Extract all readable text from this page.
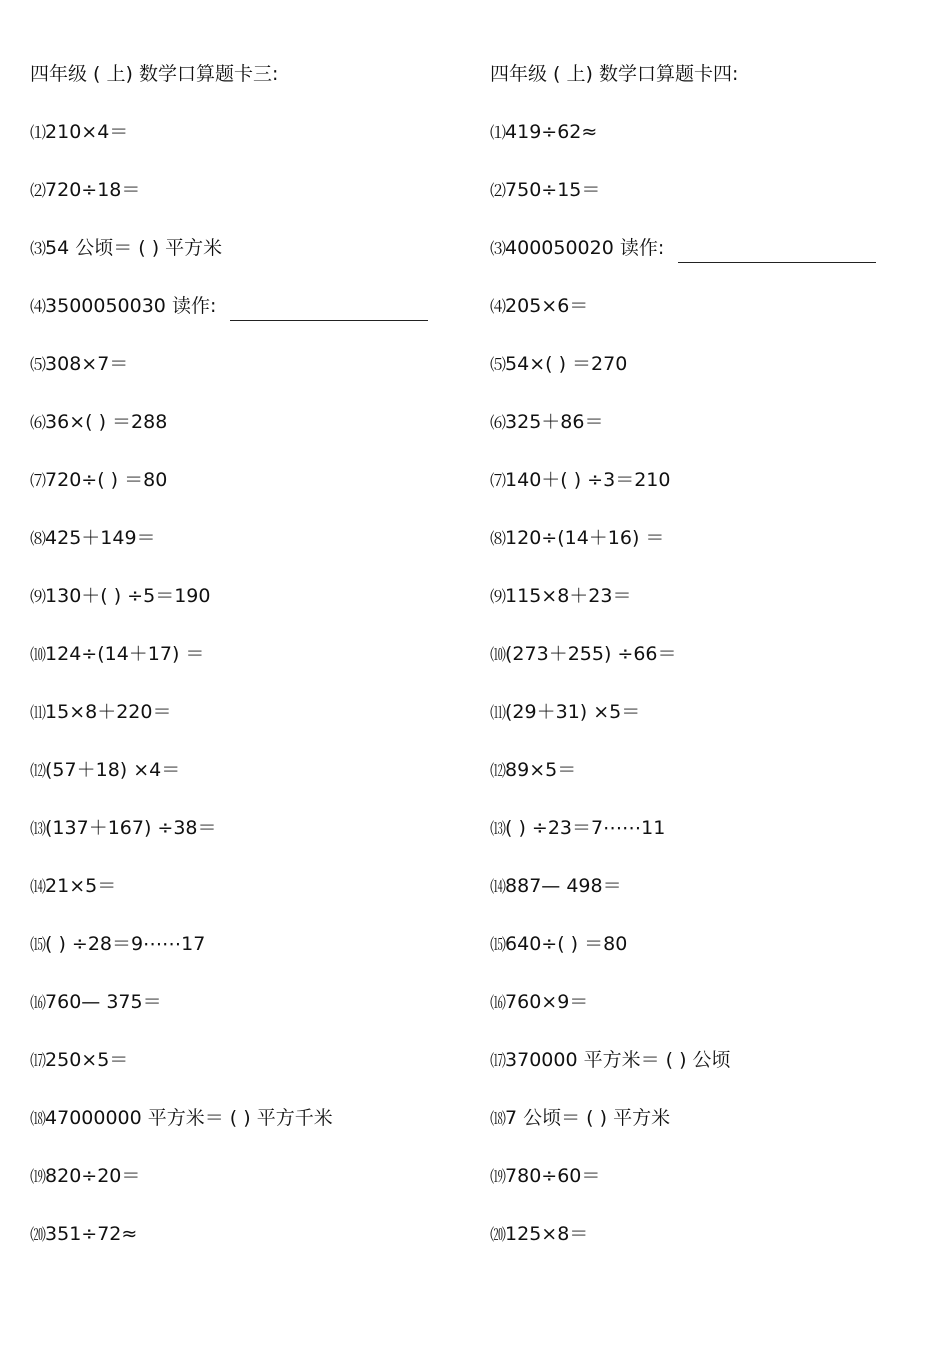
四年级 ( 上) 数学口算题卡三:
⑴210×4＝
⑵720÷18＝
⑶54 公顷＝ ( ) 平方米
⑷3500050030 读作:
⑸308×7＝
⑹36×( ) ＝288
⑺720÷( ) ＝80
⑻425＋149＝
⑼130＋( ) ÷5＝190
⑽124÷(14＋17) ＝
⑾15×8＋220＝
⑿(57＋18) ×4＝
⒀(137＋167) ÷38＝
⒁21×5＝
⒂( ) ÷28＝9⋯⋯17
⒃760— 375＝
⒄250×5＝
⒅47000000 平方米＝ ( ) 平方千米
⒆820÷20＝
⒇351÷72≈
四年级 ( 上) 数学口算题卡四:
⑴419÷62≈
⑵750÷15＝
⑶400050020 读作:
⑷205×6＝
⑸54×( ) ＝270
⑹325＋86＝
⑺140＋( ) ÷3＝210
⑻120÷(14＋16) ＝
⑼115×8＋23＝
⑽(273＋255) ÷66＝
⑾(29＋31) ×5＝
⑿89×5＝
⒀( ) ÷23＝7⋯⋯11
⒁887— 498＝
⒂640÷( ) ＝80
⒃760×9＝
⒄370000 平方米＝ ( ) 公顷
⒅7 公顷＝ ( ) 平方米
⒆780÷60＝
⒇125×8＝
